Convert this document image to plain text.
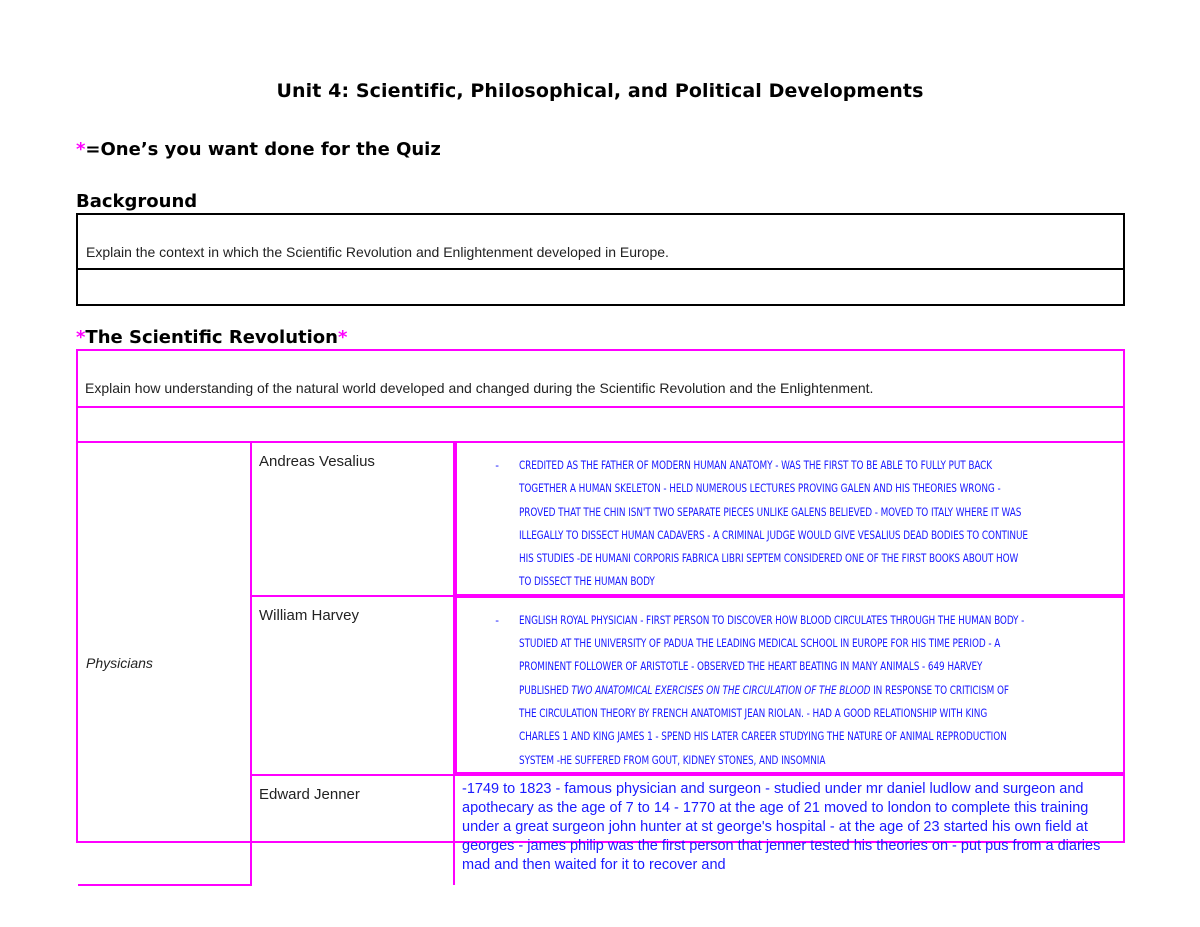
Unit 4: Scientific, Philosophical, and Political Developments
*=One’s you want done for the Quiz
Background
Explain the context in which the Scientific Revolution and Enlightenment developed in Europe.
*The Scientific Revolution*
Explain how understanding of the natural world developed and changed during the Scientific Revolution and the Enlightenment.
Physicians	Andreas Vesalius		-	CREDITED AS THE FATHER OF MODERN HUMAN ANATOMY - WAS THE FIRST TO BE ABLE TO FULLY PUT BACK TOGETHER A HUMAN SKELETON - HELD NUMEROUS LECTURES PROVING GALEN AND HIS THEORIES WRONG - PROVED THAT THE CHIN ISN'T TWO SEPARATE PIECES UNLIKE GALENS BELIEVED - MOVED TO ITALY WHERE IT WAS ILLEGALLY TO DISSECT HUMAN CADAVERS - A CRIMINAL JUDGE WOULD GIVE VESALIUS DEAD BODIES TO CONTINUE HIS STUDIES -DE HUMANI CORPORIS FABRICA LIBRI SEPTEM CONSIDERED ONE OF THE FIRST BOOKS ABOUT HOW TO DISSECT THE HUMAN BODY

	William Harvey		-	ENGLISH ROYAL PHYSICIAN - FIRST PERSON TO DISCOVER HOW BLOOD CIRCULATES THROUGH THE HUMAN BODY - STUDIED AT THE UNIVERSITY OF PADUA THE LEADING MEDICAL SCHOOL IN EUROPE FOR HIS TIME PERIOD - A PROMINENT FOLLOWER OF ARISTOTLE - OBSERVED THE HEART BEATING IN MANY ANIMALS - 649 HARVEY PUBLISHED TWO ANATOMICAL EXERCISES ON THE CIRCULATION OF THE BLOOD IN RESPONSE TO CRITICISM OF THE CIRCULATION THEORY BY FRENCH ANATOMIST JEAN RIOLAN. - HAD A GOOD RELATIONSHIP WITH KING CHARLES 1 AND KING JAMES 1 - SPEND HIS LATER CAREER STUDYING THE NATURE OF ANIMAL REPRODUCTION SYSTEM -HE SUFFERED FROM GOUT, KIDNEY STONES, AND INSOMNIA

	Edward Jenner	-1749 to 1823 - famous physician and surgeon - studied under mr daniel ludlow and surgeon and apothecary as the age of 7 to 14 - 1770 at the age of 21 moved to london to complete this training under a great surgeon john hunter at st george's hospital - at the age of 23 started his own field at georges - james philip was the first person that jenner tested his theories on - put pus from a diaries mad and then waited for it to recover and
